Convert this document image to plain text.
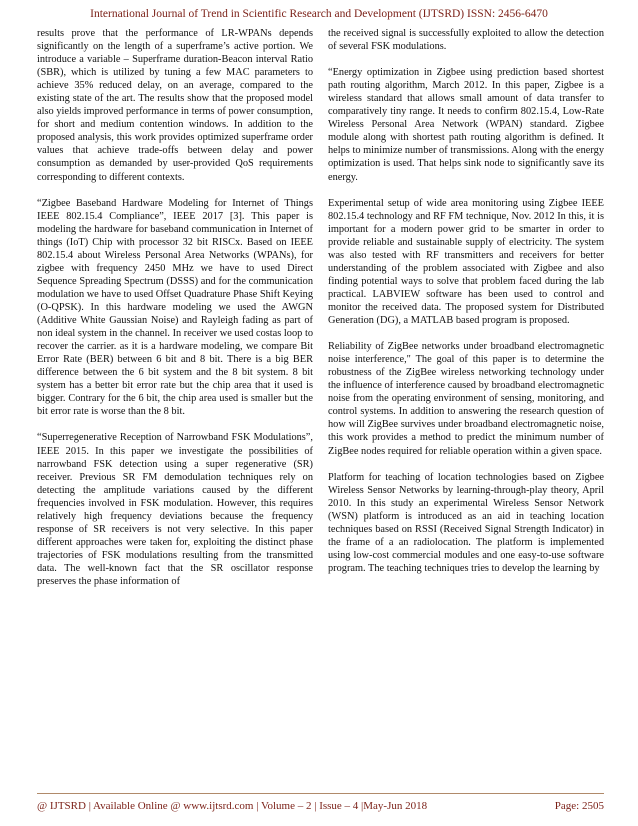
International Journal of Trend in Scientific Research and Development (IJTSRD) ISSN: 2456-6470

results prove that the performance of LR-WPANs depends significantly on the length of a superframe’s active portion. We introduce a variable – Superframe duration-Beacon interval Ratio (SBR), which is utilized by tuning a few MAC parameters to achieve 35% reduced delay, on an average, compared to the existing state of the art. The results show that the proposed model also yields improved performance in terms of power consumption, for short and medium contention windows. In addition to the proposed analysis, this work provides optimized superframe order values that achieve trade-offs between delay and power consumption as demanded by user-provided QoS requirements corresponding to different contexts.

“Zigbee Baseband Hardware Modeling for Internet of Things IEEE 802.15.4 Compliance”, IEEE 2017 [3]. This paper is modeling the hardware for baseband communication in Internet of things (IoT) Chip with processor 32 bit RISCx. Based on IEEE 802.15.4 about Wireless Personal Area Networks (WPANs), for zigbee with frequency 2450 MHz we have to used Direct Sequence Spreading Spectrum (DSSS) and for the communication modulation we have to used Offset Quadrature Phase Shift Keying (O-QPSK). In this hardware modeling we used the AWGN (Additive White Gaussian Noise) and Rayleigh fading as part of non ideal system in the channel. In receiver we used costas loop to recover the carrier. as it is a hardware modeling, we compare Bit Error Rate (BER) between 6 bit and 8 bit. There is a big BER difference between the 6 bit system and the 8 bit system. 8 bit system has a better bit error rate but the chip area that it used is bigger. Contrary for the 6 bit, the chip area used is smaller but the bit error rate is worse than the 8 bit.

“Superregenerative Reception of Narrowband FSK Modulations”, IEEE 2015. In this paper we investigate the possibilities of narrowband FSK detection using a super regenerative (SR) receiver. Previous SR FM demodulation techniques rely on detecting the amplitude variations caused by the different frequencies involved in FSK modulation. However, this requires relatively high frequency deviations because the frequency response of SR receivers is not very selective. In this paper different approaches were taken for, exploiting the distinct phase trajectories of FSK modulations resulting from the transmitted data. The well-known fact that the SR oscillator response preserves the phase information of

the received signal is successfully exploited to allow the detection of several FSK modulations.

“Energy optimization in Zigbee using prediction based shortest path routing algorithm, March 2012. In this paper, Zigbee is a wireless standard that allows small amount of data transfer to comparatively tiny range. It needs to confirm 802.15.4, Low-Rate Wireless Personal Area Network (WPAN) standard. Zigbee module along with shortest path routing algorithm is defined. It helps to minimize number of transmissions. Along with the energy optimization is used. That helps sink node to significantly save its energy.

Experimental setup of wide area monitoring using Zigbee IEEE 802.15.4 technology and RF FM technique, Nov. 2012 In this, it is important for a modern power grid to be smarter in order to provide reliable and sustainable supply of electricity. The system was also tested with RF transmitters and receivers for better understanding of the problem associated with Zigbee and also finding potential ways to solve that problem faced during the lab practical. LABVIEW software has been used to control and monitor the received data. The proposed system for Distributed Generation (DG), a MATLAB based program is proposed.

Reliability of ZigBee networks under broadband electromagnetic noise interference," The goal of this paper is to determine the robustness of the ZigBee wireless networking technology under the influence of interference caused by broadband electromagnetic noise from the operating environment of sensing, monitoring, and control systems. In addition to answering the research question of how will ZigBee survives under broadband electromagnetic noise, this work provides a method to predict the minimum number of ZigBee nodes required for reliable operation within a given space.

Platform for teaching of location technologies based on Zigbee Wireless Sensor Networks by learning-through-play theory, April 2010. In this study an experimental Wireless Sensor Network (WSN) platform is introduced as an aid in teaching location techniques based on RSSI (Received Signal Strength Indicator) in the frame of a an radiolocation. The platform is implemented using low-cost commercial modules and one easy-to-use software program. The teaching techniques tries to develop the learning by

@ IJTSRD | Available Online @ www.ijtsrd.com | Volume – 2 | Issue – 4 |May-Jun 2018	Page: 2505
